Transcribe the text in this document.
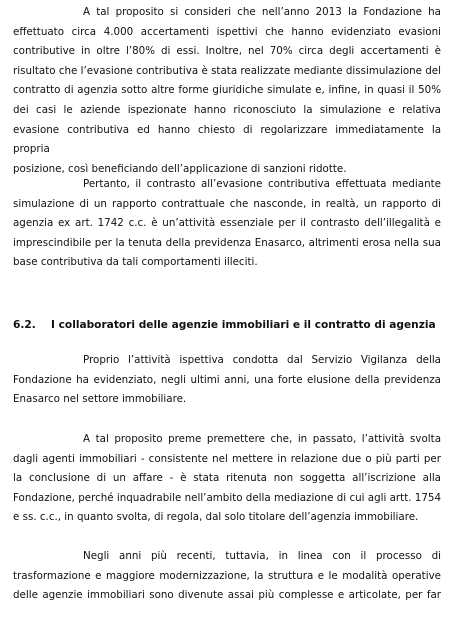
A tal proposito si consideri che nell’anno 2013 la Fondazione ha
effettuato circa 4.000 accertamenti ispettivi che hanno evidenziato evasioni
contributive in oltre l’80% di essi. Inoltre, nel 70% circa degli accertamenti è
risultato che l’evasione contributiva è stata realizzate mediante dissimulazione del
contratto di agenzia sotto altre forme giuridiche simulate e, infine, in quasi il 50%
dei casi le aziende ispezionate hanno riconosciuto la simulazione e relativa
evasione contributiva ed hanno chiesto di regolarizzare immediatamente la propria
posizione, così beneficiando dell’applicazione di sanzioni ridotte.

Pertanto, il contrasto all’evasione contributiva effettuata mediante
simulazione di un rapporto contrattuale che nasconde, in realtà, un rapporto di
agenzia ex art. 1742 c.c. è un’attività essenziale per il contrasto dell’illegalità e
imprescindibile per la tenuta della previdenza Enasarco, altrimenti erosa nella sua
base contributiva da tali comportamenti illeciti.

6.2. I collaboratori delle agenzie immobiliari e il contratto di agenzia

Proprio l’attività ispettiva condotta dal Servizio Vigilanza della
Fondazione ha evidenziato, negli ultimi anni, una forte elusione della previdenza
Enasarco nel settore immobiliare.

A tal proposito preme premettere che, in passato, l’attività svolta
dagli agenti immobiliari - consistente nel mettere in relazione due o più parti per
la conclusione di un affare - è stata ritenuta non soggetta all’iscrizione alla
Fondazione, perché inquadrabile nell’ambito della mediazione di cui agli artt. 1754
e ss. c.c., in quanto svolta, di regola, dal solo titolare dell’agenzia immobiliare.

Negli anni più recenti, tuttavia, in linea con il processo di
trasformazione e maggiore modernizzazione, la struttura e le modalità operative
delle agenzie immobiliari sono divenute assai più complesse e articolate, per far
